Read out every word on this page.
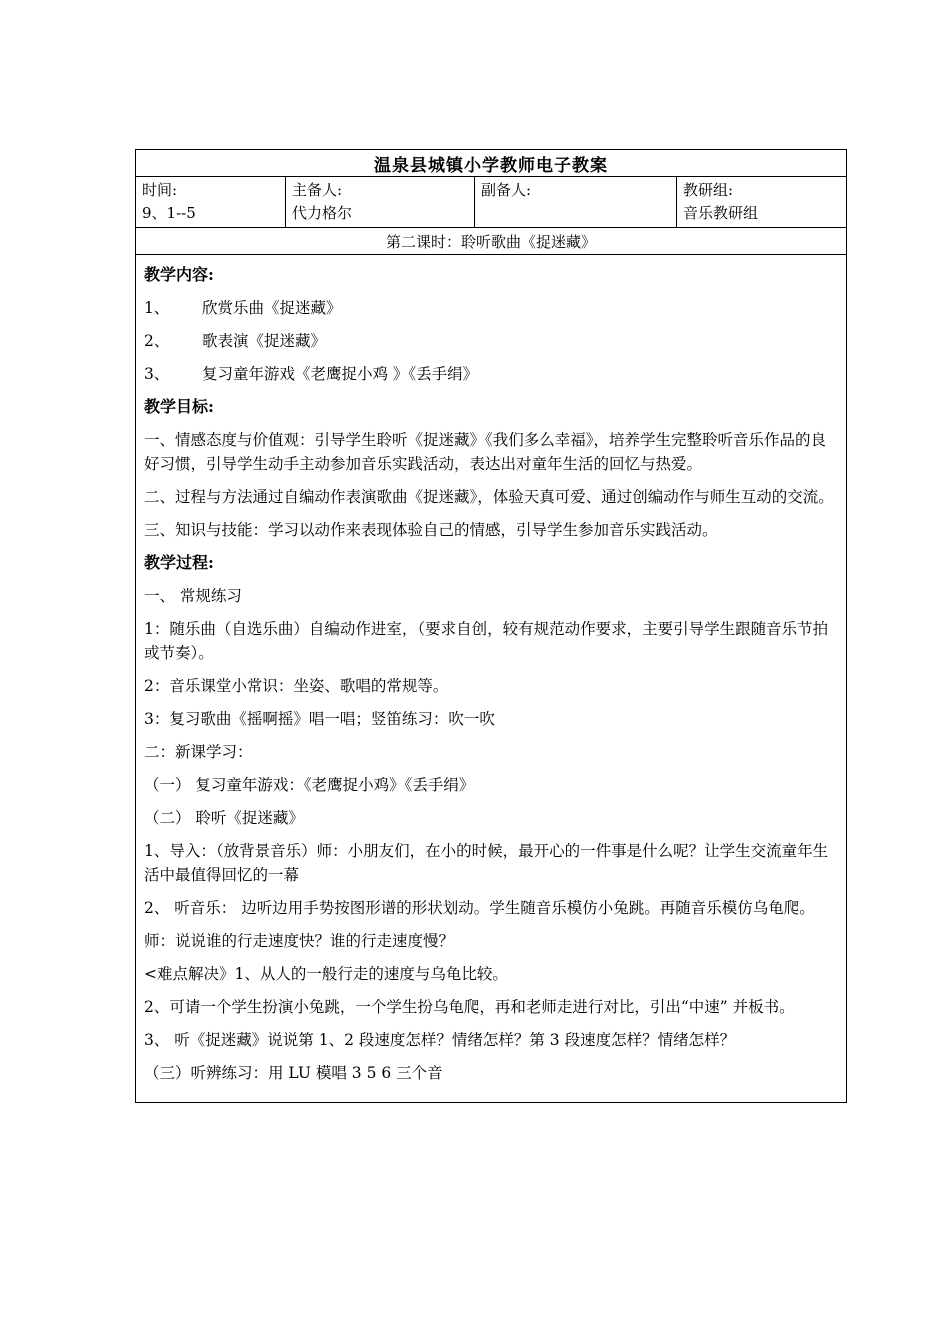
温泉县城镇小学教师电子教案
时间:
9、1--5
主备人:
代力格尔
副备人:	教研组:
音乐教研组
第二课时：聆听歌曲《捉迷藏》

教学内容:

1、 欣赏乐曲《捉迷藏》

2、 歌表演《捉迷藏》

3、 复习童年游戏《老鹰捉小鸡 》《丢手绢》

教学目标:

一、情感态度与价值观：引导学生聆听《捉迷藏》《我们多么幸福》，培养学生完整聆听音乐作品的良好习惯，引导学生动手主动参加音乐实践活动，表达出对童年生活的回忆与热爱。

二、过程与方法通过自编动作表演歌曲《捉迷藏》，体验天真可爱、通过创编动作与师生互动的交流。

三、知识与技能：学习以动作来表现体验自己的情感，引导学生参加音乐实践活动。

教学过程:

一、 常规练习

1：随乐曲（自选乐曲）自编动作进室，（要求自创，较有规范动作要求，主要引导学生跟随音乐节拍或节奏）。

2：音乐课堂小常识：坐姿、歌唱的常规等。

3：复习歌曲《摇啊摇》唱一唱；竖笛练习：吹一吹

二：新课学习：

（一） 复习童年游戏：《老鹰捉小鸡》《丢手绢》

（二） 聆听《捉迷藏》

1、导入：（放背景音乐）师：小朋友们，在小的时候，最开心的一件事是什么呢？让学生交流童年生活中最值得回忆的一幕

2、 听音乐： 边听边用手势按图形谱的形状划动。学生随音乐模仿小兔跳。再随音乐模仿乌龟爬。

师：说说谁的行走速度快？谁的行走速度慢？

<难点解决》1、从人的一般行走的速度与乌龟比较。

2、可请一个学生扮演小兔跳，一个学生扮乌龟爬，再和老师走进行对比，引出“中速” 并板书。

3、 听《捉迷藏》说说第 1、2 段速度怎样？情绪怎样？第 3 段速度怎样？情绪怎样？

（三）听辨练习：用 LU 模唱 3 5 6 三个音
